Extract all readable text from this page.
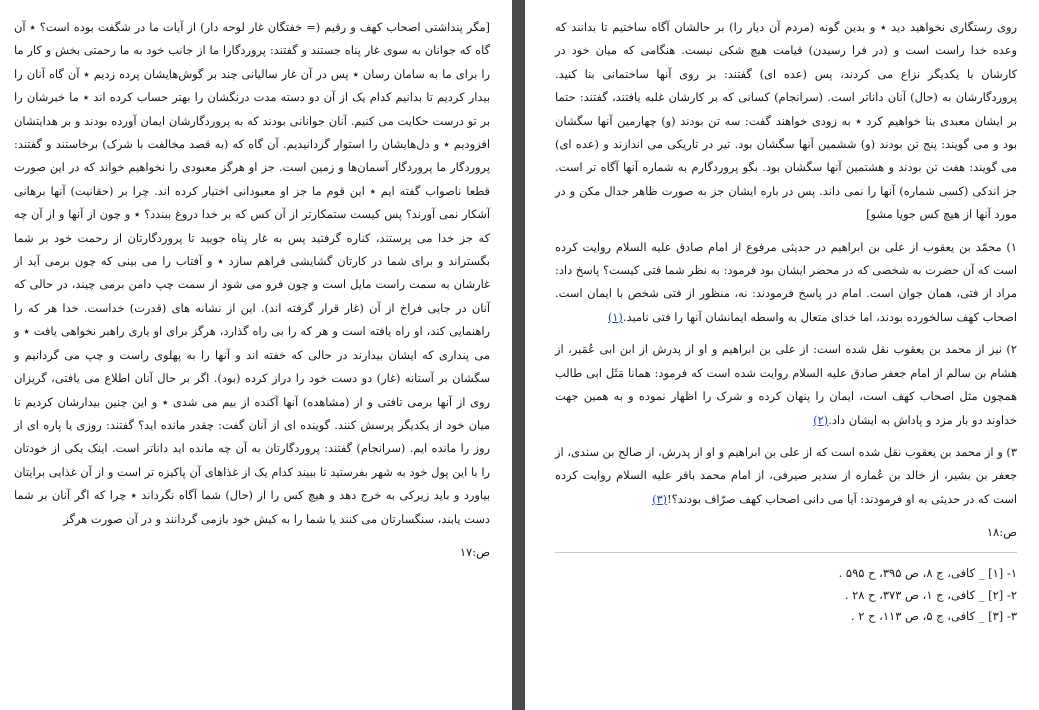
[مگر پنداشتی اصحاب کهف و رقیم (= خفتگان غار لوحه دار) از آیات ما در شگفت بوده است؟ ٭ آن گاه که جوانان به سوی غار پناه جستند و گفتند: پروردگارا ما از جانب خود به ما رحمتی بخش و کار ما را برای ما به سامان رسان ٭ پس در آن غار سالیانی چند بر گوش‌هایشان پرده زدیم ٭ آن گاه آنان را بیدار کردیم تا بدانیم کدام یک از آن دو دسته مدت درنگشان را بهتر حساب کرده اند ٭ ما خبرشان را بر تو درست حکایت می کنیم. آنان جوانانی بودند که به پروردگارشان ایمان آورده بودند و بر هدایتشان افزودیم ٭ و دل‌هایشان را استوار گردانیدیم. آن گاه که (به قصد مخالفت با شرک) برخاستند و گفتند: پروردگار ما پروردگار آسمان‌ها و زمین است. جز او هرگز معبودی را نخواهیم خواند که در این صورت قطعا ناصواب گفته ایم ٭ این قوم ما جز او معبودانی اختیار کرده اند. چرا بر (حقانیت) آنها برهانی آشکار نمی آورند؟ پس کیست ستمکارتر از آن کس که بر خدا دروغ ببندد؟ ٭ و چون از آنها و از آن چه که جز خدا می پرستند، کناره گرفتید پس به غار پناه جویید تا پروردگارتان از رحمت خود بر شما بگستراند و برای شما در کارتان گشایشی فراهم سازد ٭ و آفتاب را می بینی که چون برمی آید از غارشان به سمت راست مایل است و چون فرو می شود از سمت چپ دامن برمی چیند، در حالی که آنان در جایی فراخ از آن (غار قرار گرفته اند). این از نشانه های (قدرت) خداست. خدا هر که را راهنمایی کند، او راه یافته است و هر که را بی راه گذارد، هرگز برای او یاری راهبر نخواهی یافت ٭ و می پنداری که ایشان بیدارند در حالی که خفته اند و آنها را به پهلوی راست و چپ می گردانیم و سگشان بر آستانه (غار) دو دست خود را دراز کرده (بود). اگر بر حال آنان اطلاع می یافتی، گریزان روی از آنها برمی تافتی و از (مشاهده) آنها آکنده از بیم می شدی ٭ و این چنین بیدارشان کردیم تا میان خود از یکدیگر پرسش کنند. گوینده ای از آنان گفت: چقدر مانده اید؟ گفتند: روزی یا پاره ای از روز را مانده ایم. (سرانجام) گفتند: پروردگارتان به آن چه مانده اید داناتر است. اینک یکی از خودتان را با این پول خود به شهر بفرستید تا ببیند کدام یک از غذاهای آن پاکیزه تر است و از آن غذایی برایتان بیاورد و باید زیرکی به خرج دهد و هیچ کس را از (حال) شما آگاه نگرداند ٭ چرا که اگر آنان بر شما دست یابند، سنگسارتان می کنند یا شما را به کیش خود بازمی گردانند و در آن صورت هرگز

ص:۱۷

روی رستگاری نخواهید دید ٭ و بدین گونه (مردم آن دیار را) بر حالشان آگاه ساختیم تا بدانند که وعده خدا راست است و (در فرا رسیدن) قیامت هیچ شکی نیست. هنگامی که میان خود در کارشان با یکدیگر نزاع می کردند، پس (عده ای) گفتند: بر روی آنها ساختمانی بنا کنید. پروردگارشان به (حال) آنان داناتر است. (سرانجام) کسانی که بر کارشان غلبه یافتند، گفتند: حتما بر ایشان معبدی بنا خواهیم کرد ٭ به زودی خواهند گفت: سه تن بودند (و) چهارمین آنها سگشان بود و می گویند: پنج تن بودند (و) ششمین آنها سگشان بود. تیر در تاریکی می اندازند و (عده ای) می گویند: هفت تن بودند و هشتمین آنها سگشان بود. بگو پروردگارم به شماره آنها آگاه تر است. جز اندکی (کسی شماره) آنها را نمی داند. پس در باره ایشان جز به صورت ظاهر جدال مکن و در مورد آنها از هیچ کس جویا مشو]

۱) محمّد بن یعقوب از علی بن ابراهیم در حدیثی مرفوع از امام صادق علیه السلام روایت کرده است که آن حضرت به شخصی که در محضر ایشان بود فرمود: به نظر شما فتی کیست؟ پاسخ داد: مراد از فتی، همان جوان است. امام در پاسخ فرمودند: نه، منظور از فتی شخص با ایمان است. اصحاب کهف سالخورده بودند، اما خدای متعال به واسطه ایمانشان آنها را فتی نامید.(۱)

۲) نیز از محمد بن یعقوب نقل شده است: از علی بن ابراهیم و او از پدرش از ابن ابی عُمَیر، از هشام بن سالم از امام جعفر صادق علیه السلام روایت شده است که فرمود: همانا مَثَل ابی طالب همچون مثل اصحاب کهف است، ایمان را پنهان کرده و شرک را اظهار نموده و به همین جهت خداوند دو بار مزد و پاداش به ایشان داد.(۲)

۳) و از محمد بن یعقوب نقل شده است که از علی بن ابراهیم و او از پدرش، از صالح بن سندی، از جعفر بن بشیر، از خالد بن عُماره از سدیر صیرفی، از امام محمد باقر علیه السلام روایت کرده است که در حدیثی به او فرمودند: آیا می دانی اصحاب کهف صرّاف بودند؟!(۳)

ص:۱۸
۱- [۱] _ کافی، ج ۸، ص ۳۹۵، ح ۵۹۵ .
۲- [۲] _ کافی، ج ۱، ص ۳۷۳، ح ۲۸ .
۳- [۳] _ کافی، ج ۵، ص ۱۱۳، ح ۲ .
